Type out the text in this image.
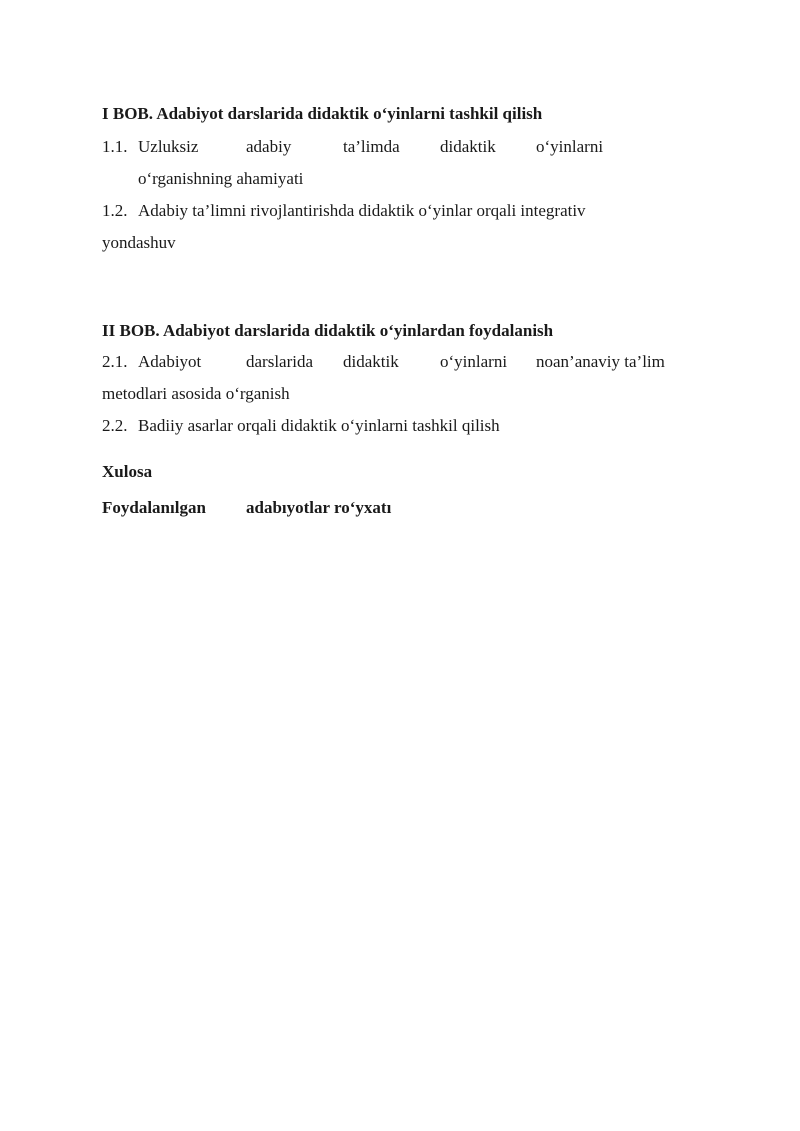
I BOB. Adabiyot darslarida didaktik o‘yinlarni tashkil qilish
1.1. Uzluksiz	adabiy	ta’limda didaktik o‘yinlarni
o‘rganishning ahamiyati
1.2. Adabiy ta’limni rivojlantirishda didaktik o‘yinlar orqali integrativ
yondashuv
II BOB. Adabiyot darslarida didaktik o‘yinlardan foydalanish
2.1. Adabiyot	darslarida didaktik o‘yinlarni noan’anaviy ta’lim
metodlari asosida o‘rganish
2.2. Badiiy asarlar orqali didaktik o‘yinlarni tashkil qilish
Xulosa
Foydalanılgan adabıyotlar ro‘yxatı
